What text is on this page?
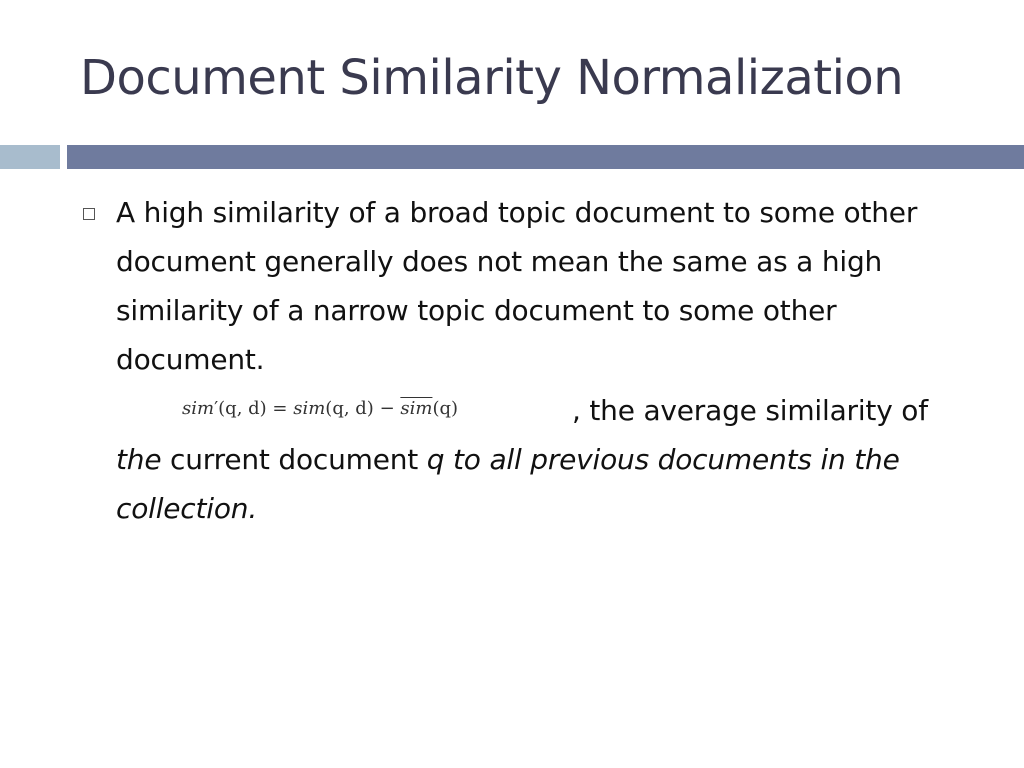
Document Similarity Normalization

A high similarity of a broad topic document to some other document generally does not mean the same as a high similarity of a narrow topic document to some other document.

sim′(q, d) = sim(q, $d) - \overline{sim}(q)$	, the average similarity of the current document q to all previous documents in the collection.
